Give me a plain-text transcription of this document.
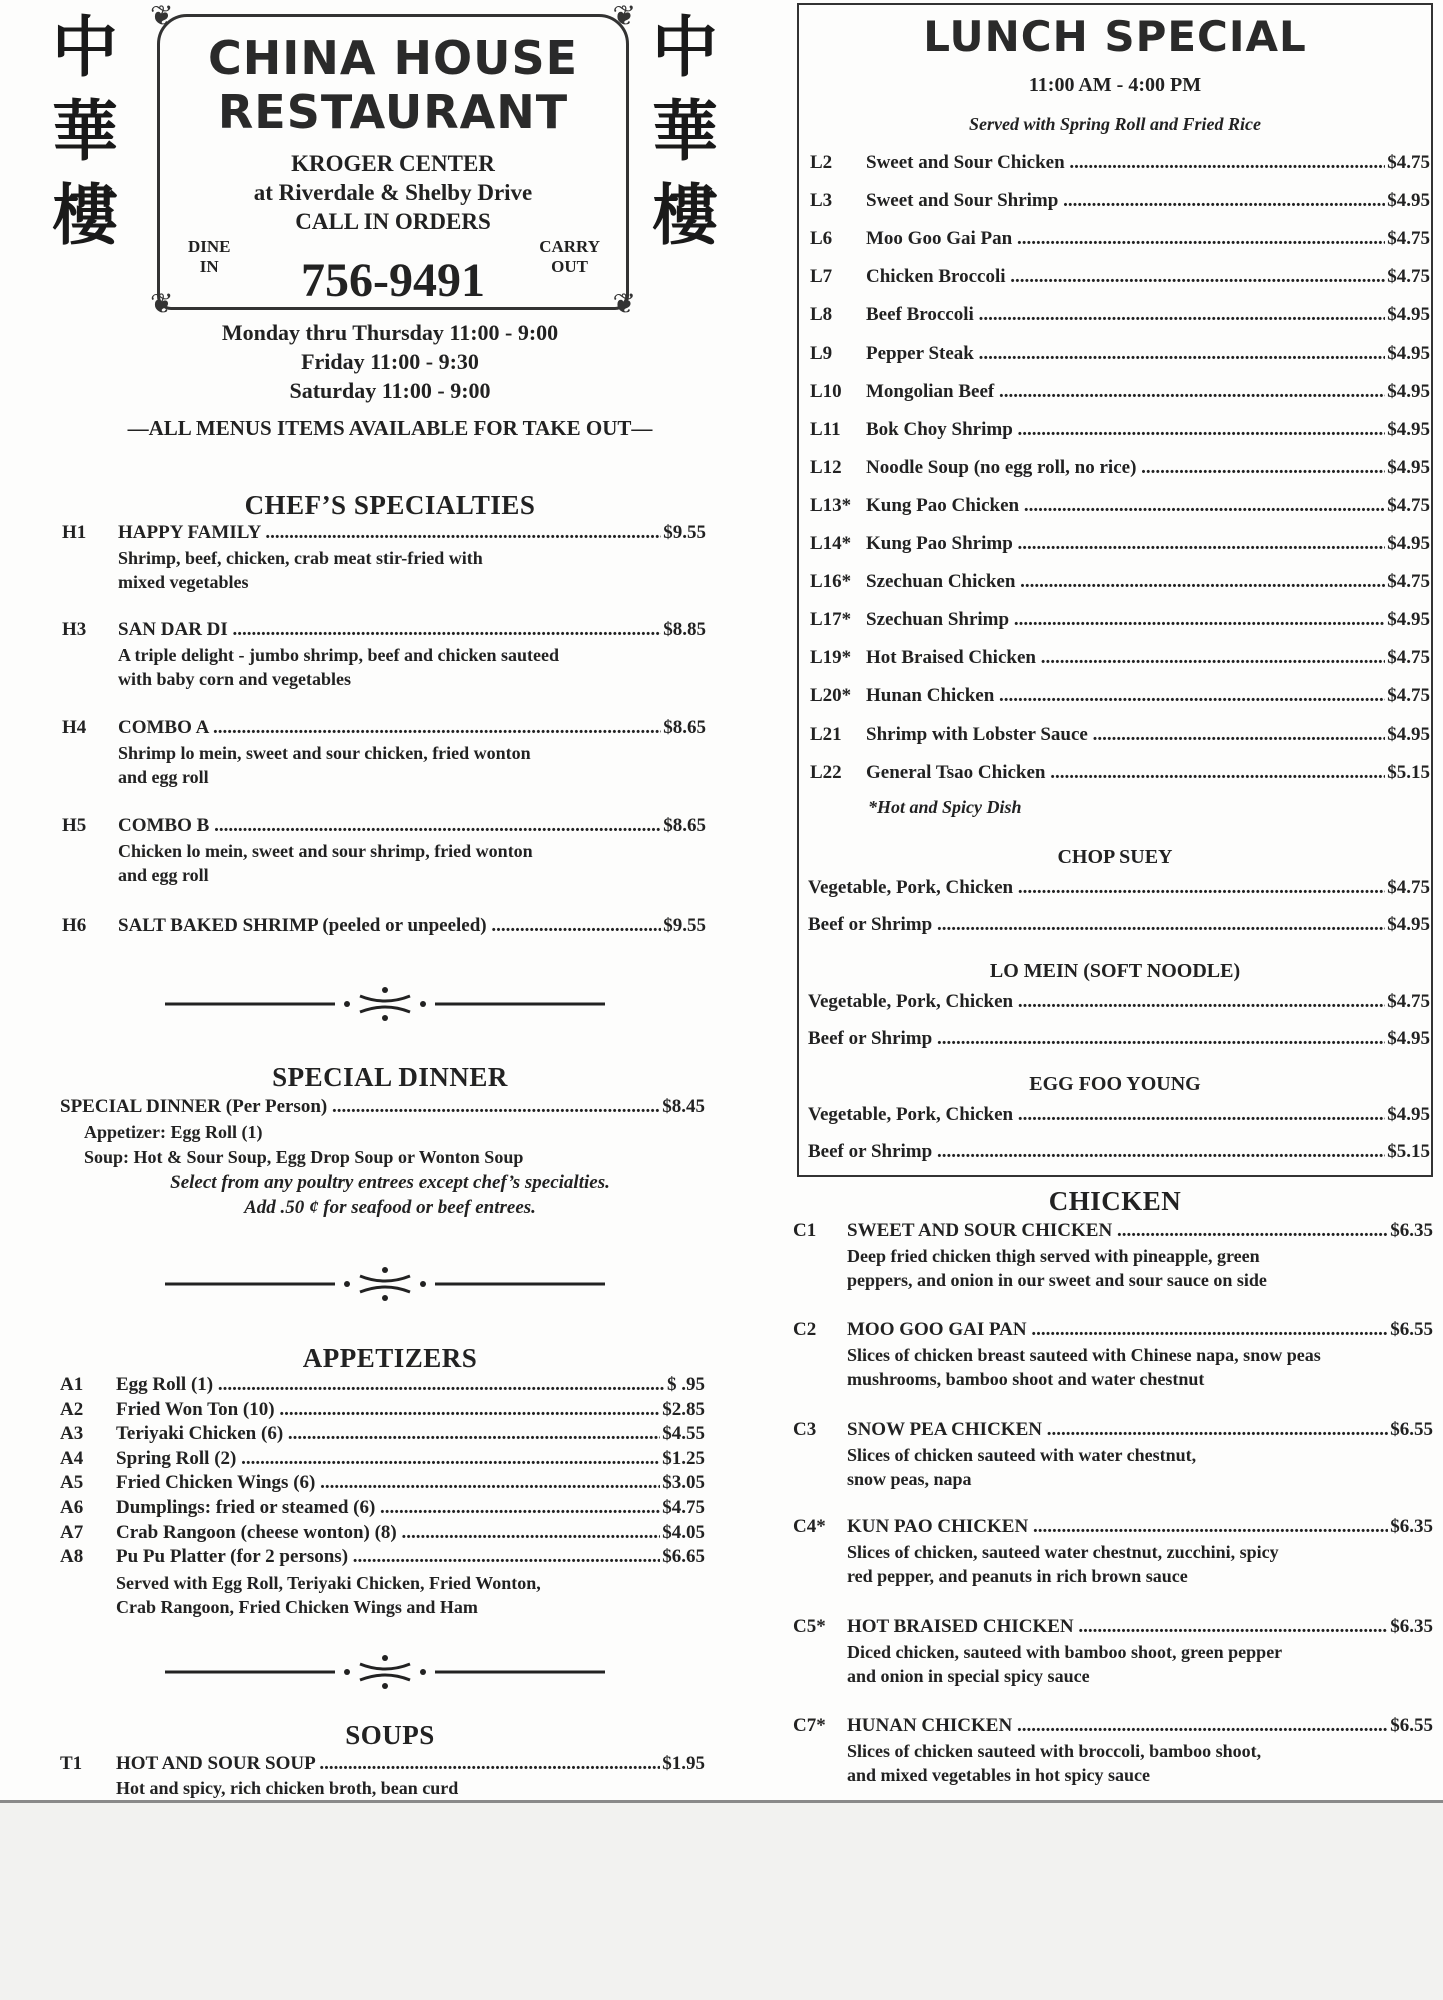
中
華
樓
中
華
樓
❦	❦
❦	❦
CHINA HOUSE
RESTAURANT
KROGER CENTER
at Riverdale & Shelby Drive
CALL IN ORDERS
DINE
IN
CARRY
OUT
756-9491
Monday thru Thursday 11:00 - 9:00
Friday 11:00 - 9:30
Saturday 11:00 - 9:00
—ALL MENUS ITEMS AVAILABLE FOR TAKE OUT—
CHEF’S SPECIALTIES
H1 HAPPY FAMILY .....	$9.55
Shrimp, beef, chicken, crab meat stir-fried with
mixed vegetables
H3 SAN DAR DI .....	$8.85
A triple delight - jumbo shrimp, beef and chicken sauteed
with baby corn and vegetables
H4 COMBO A .....	$8.65
Shrimp lo mein, sweet and sour chicken, fried wonton
and egg roll
H5 COMBO B .....	$8.65
Chicken lo mein, sweet and sour shrimp, fried wonton
and egg roll
H6 SALT BAKED SHRIMP (peeled or unpeeled) .....	$9.55
SPECIAL DINNER
SPECIAL DINNER (Per Person) .....	$8.45
Appetizer: Egg Roll (1)
Soup: Hot & Sour Soup, Egg Drop Soup or Wonton Soup
Select from any poultry entrees except chef’s specialties.
Add .50 ¢ for seafood or beef entrees.
APPETIZERS
A1 Egg Roll (1) .....	$ .95
A2 Fried Won Ton (10) .....	$2.85
A3 Teriyaki Chicken (6) .....	$4.55
A4 Spring Roll (2) .....	$1.25
A5 Fried Chicken Wings (6) .....	$3.05
A6 Dumplings: fried or steamed (6) .....	$4.75
A7 Crab Rangoon (cheese wonton) (8) .....	$4.05
A8 Pu Pu Platter (for 2 persons) .....	$6.65
Served with Egg Roll, Teriyaki Chicken, Fried Wonton,
Crab Rangoon, Fried Chicken Wings and Ham
SOUPS
T1 HOT AND SOUR SOUP .....	$1.95
Hot and spicy, rich chicken broth, bean curd
LUNCH SPECIAL
11:00 AM - 4:00 PM
Served with Spring Roll and Fried Rice
L2 Sweet and Sour Chicken .....	$4.75
L3 Sweet and Sour Shrimp .....	$4.95
L6 Moo Goo Gai Pan .....	$4.75
L7 Chicken Broccoli .....	$4.75
L8 Beef Broccoli .....	$4.95
L9 Pepper Steak .....	$4.95
L10 Mongolian Beef .....	$4.95
L11 Bok Choy Shrimp .....	$4.95
L12 Noodle Soup (no egg roll, no rice) .....	$4.95
L13* Kung Pao Chicken .....	$4.75
L14* Kung Pao Shrimp .....	$4.95
L16* Szechuan Chicken .....	$4.75
L17* Szechuan Shrimp .....	$4.95
L19* Hot Braised Chicken .....	$4.75
L20* Hunan Chicken .....	$4.75
L21 Shrimp with Lobster Sauce .....	$4.95
L22 General Tsao Chicken .....	$5.15
*Hot and Spicy Dish
CHOP SUEY
Vegetable, Pork, Chicken .....	$4.75
Beef or Shrimp .....	$4.95
LO MEIN (SOFT NOODLE)
Vegetable, Pork, Chicken .....	$4.75
Beef or Shrimp .....	$4.95
EGG FOO YOUNG
Vegetable, Pork, Chicken .....	$4.95
Beef or Shrimp .....	$5.15
CHICKEN
C1 SWEET AND SOUR CHICKEN .....	$6.35
Deep fried chicken thigh served with pineapple, green
peppers, and onion in our sweet and sour sauce on side
C2 MOO GOO GAI PAN .....	$6.55
Slices of chicken breast sauteed with Chinese napa, snow peas
mushrooms, bamboo shoot and water chestnut
C3 SNOW PEA CHICKEN .....	$6.55
Slices of chicken sauteed with water chestnut,
snow peas, napa
C4* KUN PAO CHICKEN .....	$6.35
Slices of chicken, sauteed water chestnut, zucchini, spicy
red pepper, and peanuts in rich brown sauce
C5* HOT BRAISED CHICKEN .....	$6.35
Diced chicken, sauteed with bamboo shoot, green pepper
and onion in special spicy sauce
C7* HUNAN CHICKEN .....	$6.55
Slices of chicken sauteed with broccoli, bamboo shoot,
and mixed vegetables in hot spicy sauce
